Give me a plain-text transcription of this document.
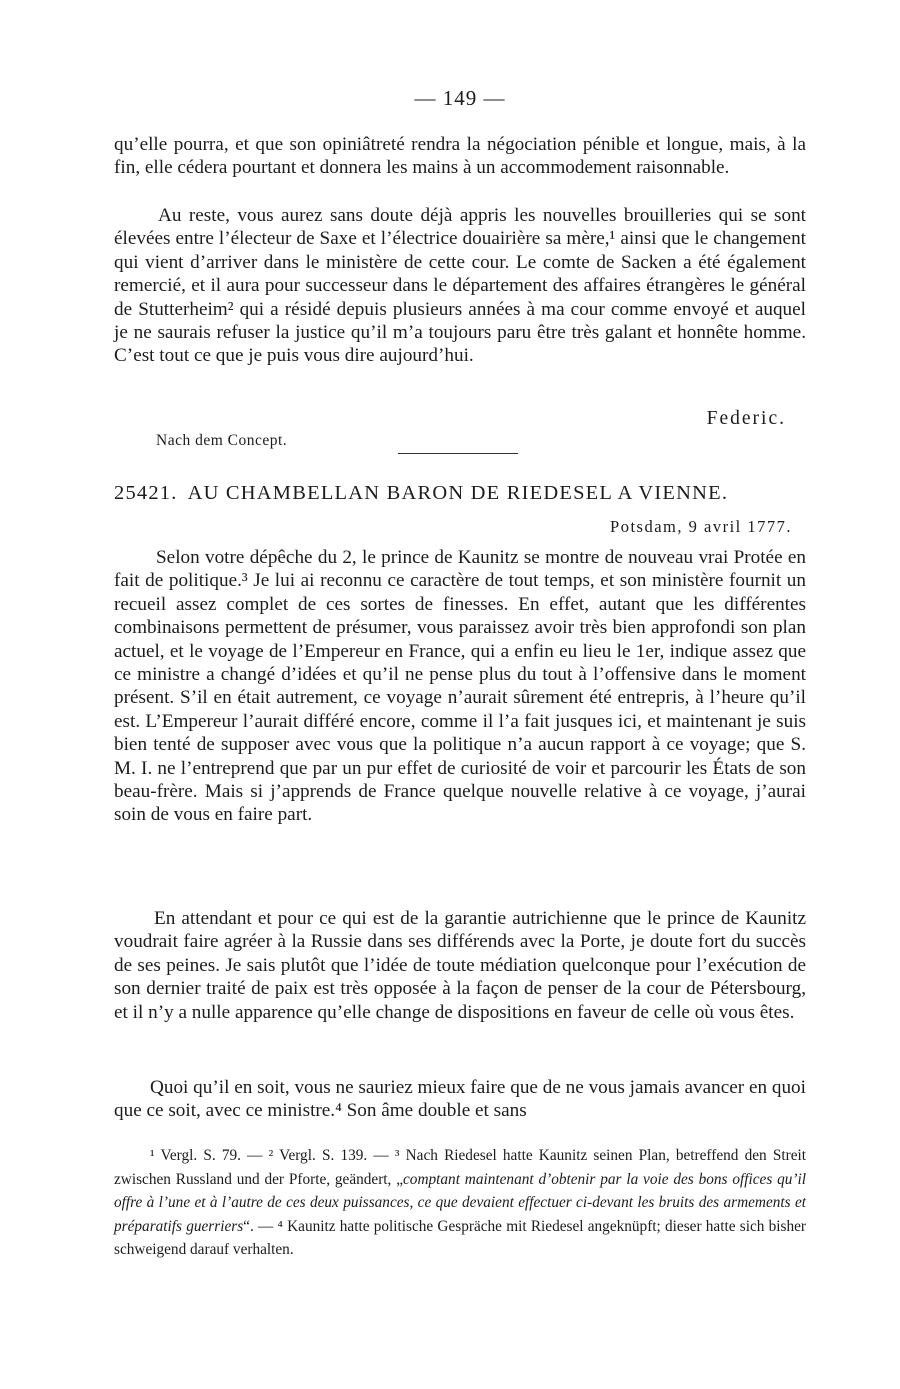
— 149 —

qu’elle pourra, et que son opiniâtreté rendra la négociation pénible et longue, mais, à la fin, elle cédera pourtant et donnera les mains à un accommodement raisonnable.

Au reste, vous aurez sans doute déjà appris les nouvelles brouilleries qui se sont élevées entre l’électeur de Saxe et l’électrice douairière sa mère,¹ ainsi que le changement qui vient d’arriver dans le ministère de cette cour. Le comte de Sacken a été également remercié, et il aura pour successeur dans le département des affaires étrangères le général de Stutterheim² qui a résidé depuis plusieurs années à ma cour comme envoyé et auquel je ne saurais refuser la justice qu’il m’a toujours paru être très galant et honnête homme. C’est tout ce que je puis vous dire aujourd’hui.

Federic.
Nach dem Concept.
25421. AU CHAMBELLAN BARON DE RIEDESEL A VIENNE.
Potsdam, 9 avril 1777.

Selon votre dépêche du 2, le prince de Kaunitz se montre de nouveau vrai Protée en fait de politique.³ Je lui ai reconnu ce caractère de tout temps, et son ministère fournit un recueil assez complet de ces sortes de finesses. En effet, autant que les différentes combinaisons permettent de présumer, vous paraissez avoir très bien approfondi son plan actuel, et le voyage de l’Empereur en France, qui a enfin eu lieu le 1er, indique assez que ce ministre a changé d’idées et qu’il ne pense plus du tout à l’offensive dans le moment présent. S’il en était autrement, ce voyage n’aurait sûrement été entrepris, à l’heure qu’il est. L’Empereur l’aurait différé encore, comme il l’a fait jusques ici, et maintenant je suis bien tenté de supposer avec vous que la politique n’a aucun rapport à ce voyage; que S. M. I. ne l’entreprend que par un pur effet de curiosité de voir et parcourir les États de son beau-frère. Mais si j’apprends de France quelque nouvelle relative à ce voyage, j’aurai soin de vous en faire part.

En attendant et pour ce qui est de la garantie autrichienne que le prince de Kaunitz voudrait faire agréer à la Russie dans ses différends avec la Porte, je doute fort du succès de ses peines. Je sais plutôt que l’idée de toute médiation quelconque pour l’exécution de son dernier traité de paix est très opposée à la façon de penser de la cour de Pétersbourg, et il n’y a nulle apparence qu’elle change de dispositions en faveur de celle où vous êtes.

Quoi qu’il en soit, vous ne sauriez mieux faire que de ne vous jamais avancer en quoi que ce soit, avec ce ministre.⁴ Son âme double et sans

¹ Vergl. S. 79. — ² Vergl. S. 139. — ³ Nach Riedesel hatte Kaunitz seinen Plan, betreffend den Streit zwischen Russland und der Pforte, geändert, „comptant maintenant d’obtenir par la voie des bons offices qu’il offre à l’une et à l’autre de ces deux puissances, ce que devaient effectuer ci-devant les bruits des armements et préparatifs guerriers“. — ⁴ Kaunitz hatte politische Gespräche mit Riedesel angeknüpft; dieser hatte sich bisher schweigend darauf verhalten.
